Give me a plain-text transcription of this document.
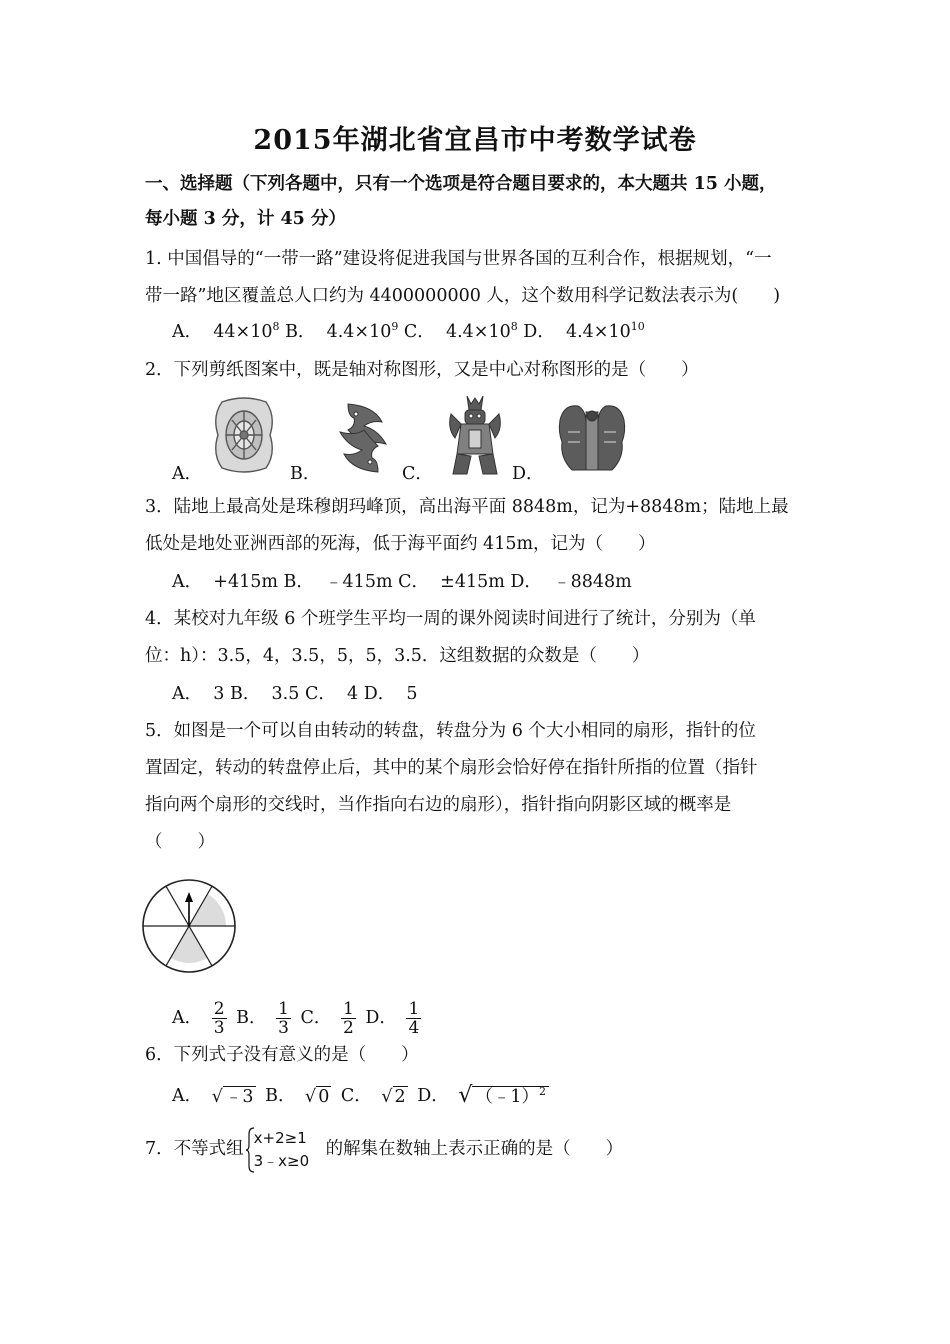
2015年湖北省宜昌市中考数学试卷
一、选择题（下列各题中，只有一个选项是符合题目要求的，本大题共 15 小题，
每小题 3 分，计 45 分）
1. 中国倡导的“一带一路”建设将促进我国与世界各国的互利合作，根据规划，“一
带一路”地区覆盖总人口约为 4400000000 人，这个数用科学记数法表示为(　　)
A． $44\times 10^8$ B． $4.4\times 10^9$ C． $4.4\times 10^8$ D． $4.4\times 10^{10}$
2．下列剪纸图案中，既是轴对称图形，又是中心对称图形的是（　　）
A．	B．	C．	D．
3．陆地上最高处是珠穆朗玛峰顶，高出海平面 8848m，记为+8848m；陆地上最
低处是地处亚洲西部的死海，低于海平面约 415m，记为（　　）
A． +415m B． ﹣415m C． ±415m D． ﹣8848m
4．某校对九年级 6 个班学生平均一周的课外阅读时间进行了统计，分别为（单
位：h）：3.5，4，3.5，5，5，3.5．这组数据的众数是（　　）
A． 3 B． 3.5 C． 4 D． 5
5．如图是一个可以自由转动的转盘，转盘分为 6 个大小相同的扇形，指针的位
置固定，转动的转盘停止后，其中的某个扇形会恰好停在指针所指的位置（指针
指向两个扇形的交线时，当作指向右边的扇形），指针指向阴影区域的概率是
（　　）
A． $\frac{2}{3}$ B． $\frac{1}{3}$ C． $\frac{1}{2}$ D． $\frac{1}{4}$
6．下列式子没有意义的是（　　）
A． √ ﹣3 B． √ 0 C． √ 2 D． √ （﹣1）$^2$
7．不等式组
x+2≥1
3﹣x≥0
的解集在数轴上表示正确的是（　　）
